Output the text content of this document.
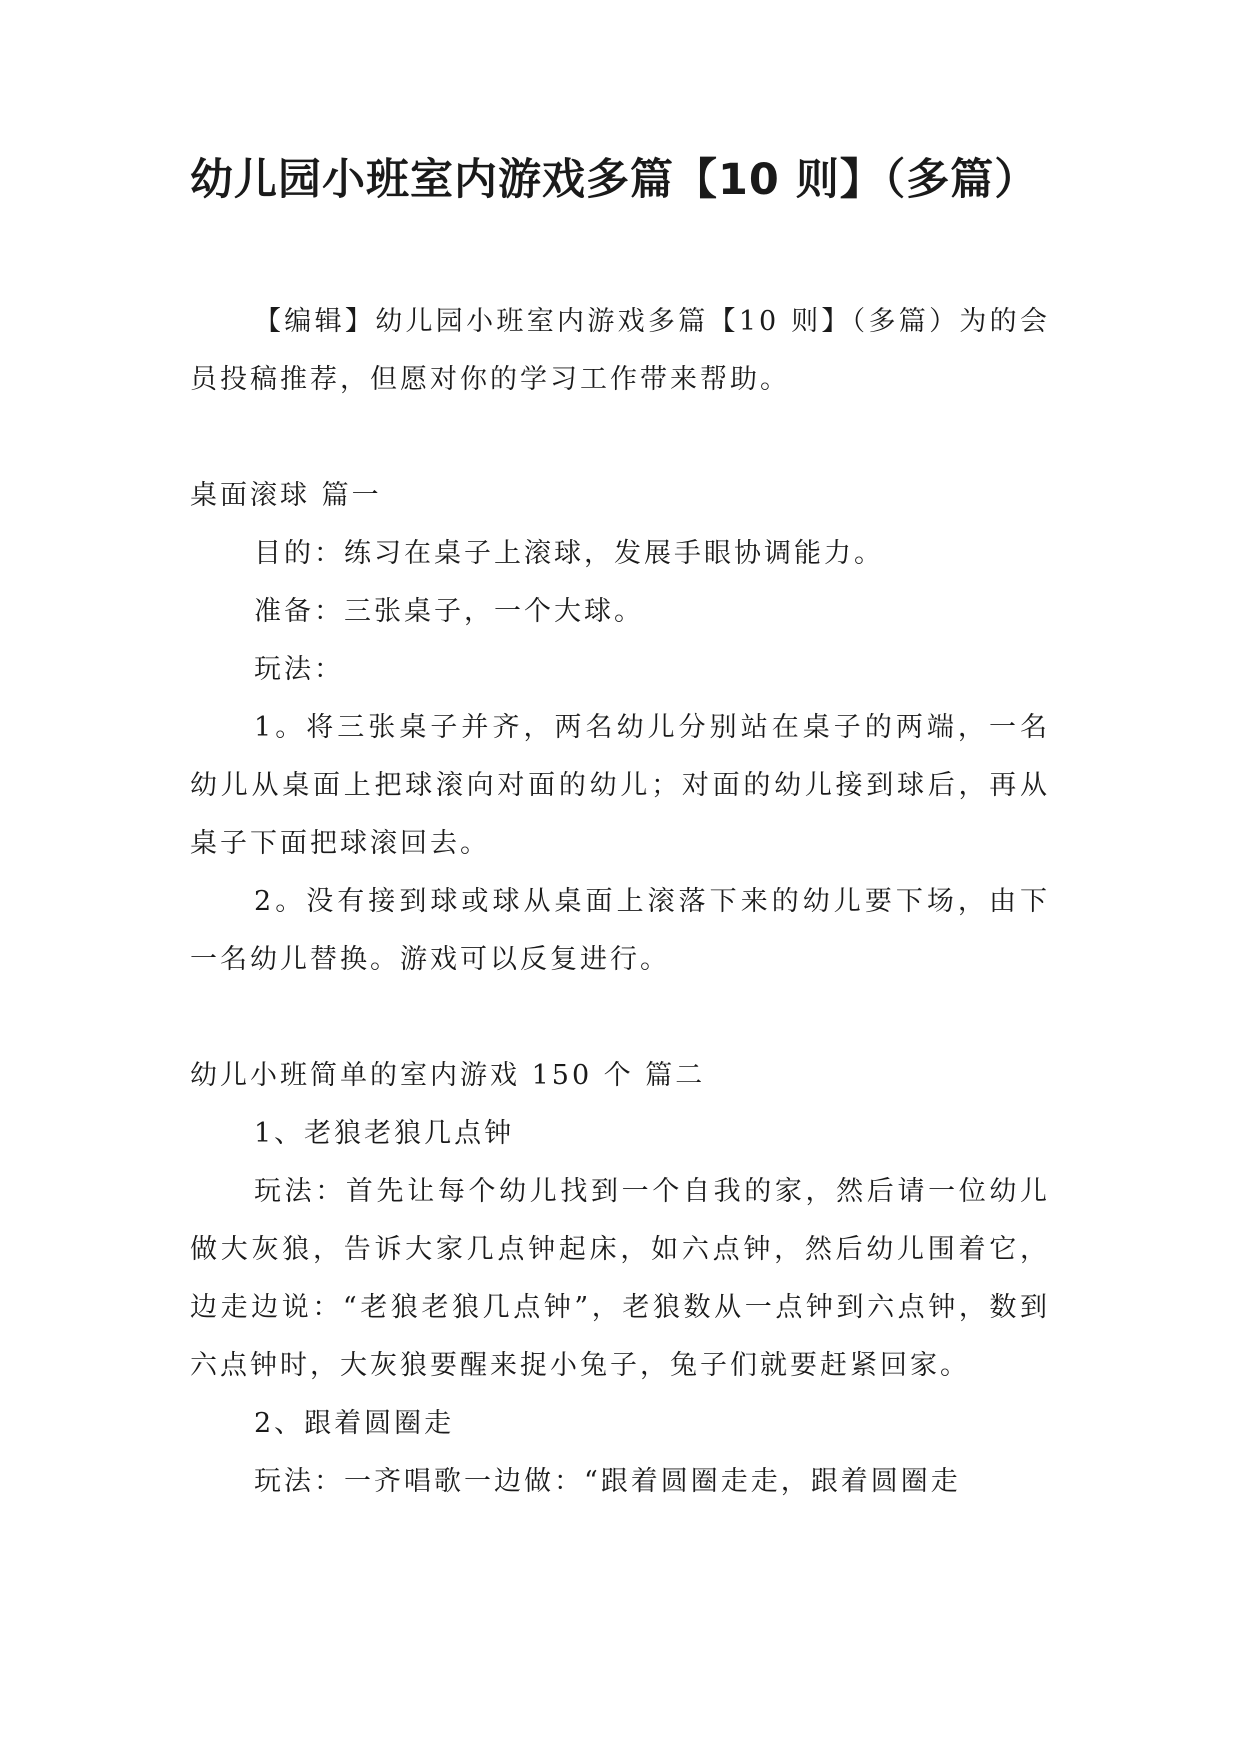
幼儿园小班室内游戏多篇【10 则】（多篇）

【编辑】幼儿园小班室内游戏多篇【10 则】（多篇）为的会员投稿推荐，但愿对你的学习工作带来帮助。

桌面滚球 篇一

目的：练习在桌子上滚球，发展手眼协调能力。

准备：三张桌子，一个大球。

玩法：

1。将三张桌子并齐，两名幼儿分别站在桌子的两端，一名幼儿从桌面上把球滚向对面的幼儿；对面的幼儿接到球后，再从桌子下面把球滚回去。

2。没有接到球或球从桌面上滚落下来的幼儿要下场，由下一名幼儿替换。游戏可以反复进行。

幼儿小班简单的室内游戏 150 个 篇二

1、老狼老狼几点钟

玩法：首先让每个幼儿找到一个自我的家，然后请一位幼儿做大灰狼，告诉大家几点钟起床，如六点钟，然后幼儿围着它，边走边说：“老狼老狼几点钟”，老狼数从一点钟到六点钟，数到六点钟时，大灰狼要醒来捉小兔子，兔子们就要赶紧回家。

2、跟着圆圈走

玩法：一齐唱歌一边做：“跟着圆圈走走，跟着圆圈走
